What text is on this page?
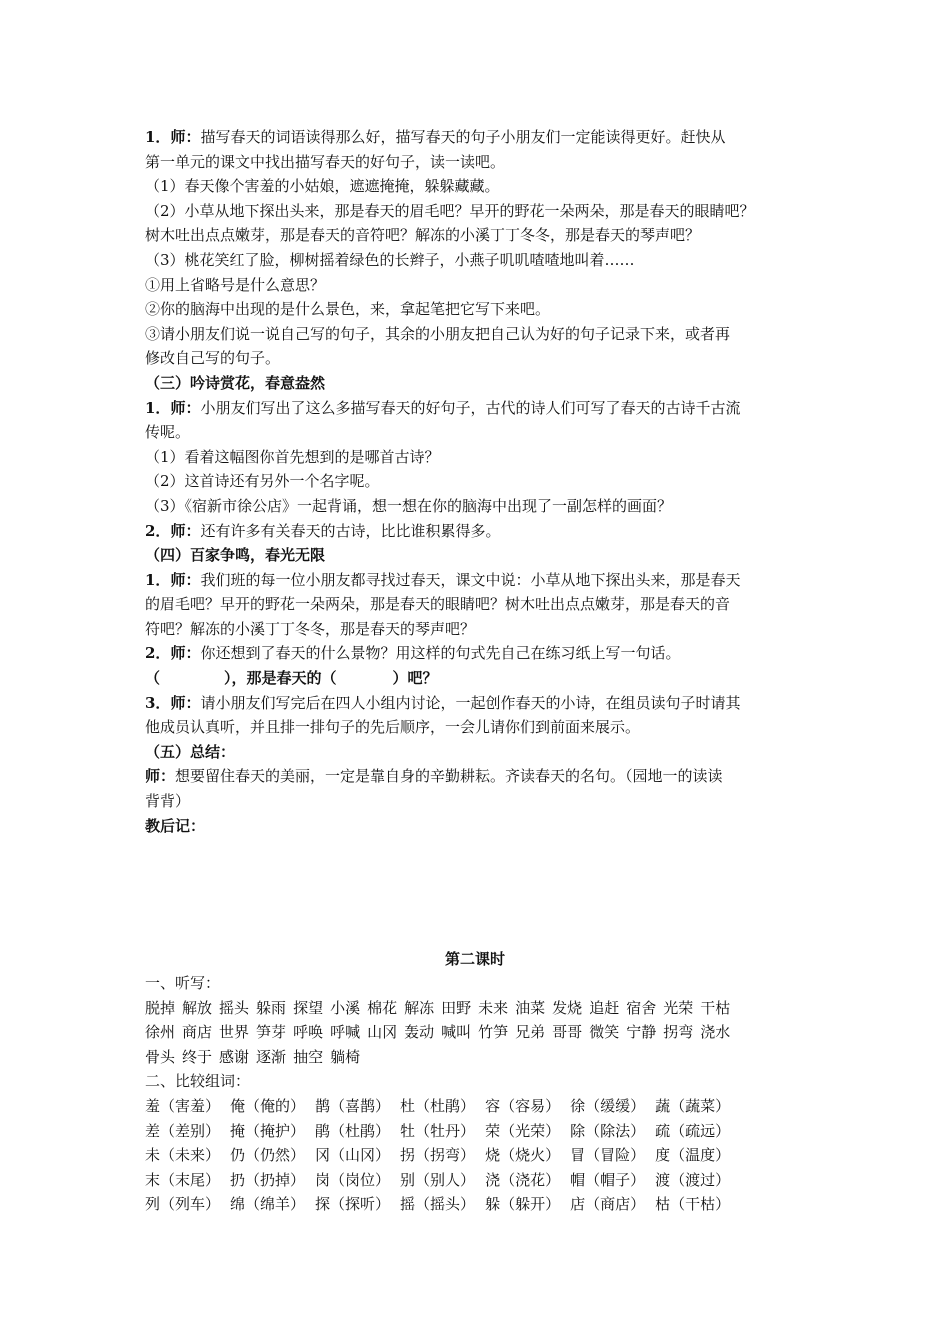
1．师：描写春天的词语读得那么好，描写春天的句子小朋友们一定能读得更好。赶快从
第一单元的课文中找出描写春天的好句子，读一读吧。
（1）春天像个害羞的小姑娘，遮遮掩掩，躲躲藏藏。
（2）小草从地下探出头来，那是春天的眉毛吧？早开的野花一朵两朵，那是春天的眼睛吧？
树木吐出点点嫩芽，那是春天的音符吧？解冻的小溪丁丁冬冬，那是春天的琴声吧？
（3）桃花笑红了脸，柳树摇着绿色的长辫子，小燕子叽叽喳喳地叫着……
①用上省略号是什么意思？
②你的脑海中出现的是什么景色，来，拿起笔把它写下来吧。
③请小朋友们说一说自己写的句子，其余的小朋友把自己认为好的句子记录下来，或者再
修改自己写的句子。
（三）吟诗赏花，春意盎然
1．师：小朋友们写出了这么多描写春天的好句子，古代的诗人们可写了春天的古诗千古流
传呢。
（1）看着这幅图你首先想到的是哪首古诗？
（2）这首诗还有另外一个名字呢。
（3）《宿新市徐公店》一起背诵，想一想在你的脑海中出现了一副怎样的画面？
2．师：还有许多有关春天的古诗，比比谁积累得多。
（四）百家争鸣，春光无限
1．师：我们班的每一位小朋友都寻找过春天，课文中说：小草从地下探出头来，那是春天
的眉毛吧？早开的野花一朵两朵，那是春天的眼睛吧？树木吐出点点嫩芽，那是春天的音
符吧？解冻的小溪丁丁冬冬，那是春天的琴声吧？
2．师：你还想到了春天的什么景物？用这样的句式先自己在练习纸上写一句话。
（	），那是春天的（	）吧？
3．师：请小朋友们写完后在四人小组内讨论，一起创作春天的小诗，在组员读句子时请其
他成员认真听，并且排一排句子的先后顺序，一会儿请你们到前面来展示。
（五）总结：
师：想要留住春天的美丽，一定是靠自身的辛勤耕耘。齐读春天的名句。（园地一的读读
背背）
教后记：
第二课时
一、听写：
脱掉 解放 摇头 躲雨 探望 小溪 棉花 解冻 田野 未来 油菜 发烧 追赶 宿舍 光荣 干枯
徐州 商店 世界 笋芽 呼唤 呼喊 山冈 轰动 喊叫 竹笋 兄弟 哥哥 微笑 宁静 拐弯 浇水
骨头 终于 感谢 逐渐 抽空 躺椅
二、比较组词：
羞（害羞） 俺（俺的） 鹊（喜鹊） 杜（杜鹃） 容（容易） 徐（缓缓） 蔬（蔬菜）
差（差别） 掩（掩护） 鹃（杜鹃） 牡（牡丹） 荣（光荣） 除（除法） 疏（疏远）
未（未来） 仍（仍然） 冈（山冈） 拐（拐弯） 烧（烧火） 冒（冒险） 度（温度）
末（末尾） 扔（扔掉） 岗（岗位） 别（别人） 浇（浇花） 帽（帽子） 渡（渡过）
列（列车） 绵（绵羊） 探（探听） 摇（摇头） 躲（躲开） 店（商店） 枯（干枯）
